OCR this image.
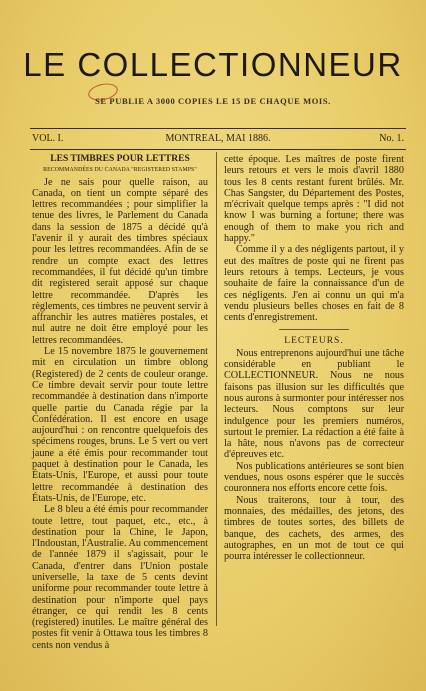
LE COLLECTIONNEUR
SE PUBLIE A 3000 COPIES LE 15 DE CHAQUE MOIS.
VOL. I.	MONTREAL, MAI 1886.	No. 1.

LES TIMBRES POUR LETTRES

RECOMMANDÉES DU CANADA "REGISTERED STAMPS"

Je ne sais pour quelle raison, au Canada, on tient un compte séparé des lettres recommandées ; pour simplifier la tenue des livres, le Parlement du Canada dans la session de 1875 a décidé qu'à l'avenir il y aurait des timbres spéciaux pour les lettres recommandées. Afin de se rendre un compte exact des lettres recommandées, il fut décidé qu'un timbre dit registered serait apposé sur chaque lettre recommandée. D'après les règlements, ces timbres ne peuvent servir à affranchir les autres matières postales, et nul autre ne doit être employé pour les lettres recommandées.

Le 15 novembre 1875 le gouvernement mit en circulation un timbre oblong (Registered) de 2 cents de couleur orange. Ce timbre devait servir pour toute lettre recommandée à destination dans n'importe quelle partie du Canada régie par la Confédération. Il est encore en usage aujourd'hui : on rencontre quelquefois des spécimens rouges, bruns. Le 5 vert ou vert jaune a été émis pour recommander tout paquet à destination pour le Canada, les États-Unis, l'Europe, et aussi pour toute lettre recommandée à destination des États-Unis, de l'Europe, etc.

Le 8 bleu a été émis pour recommander toute lettre, tout paquet, etc., etc., à destination pour la Chine, le Japon, l'Indoustan, l'Australie. Au commencement de l'année 1879 il s'agissait, pour le Canada, d'entrer dans l'Union postale universelle, la taxe de 5 cents devint uniforme pour recommander toute lettre à destination pour n'importe quel pays étranger, ce qui rendit les 8 cents (registered) inutiles. Le maître général des postes fit venir à Ottawa tous les timbres 8 cents non vendus à

cette époque. Les maîtres de poste firent leurs retours et vers le mois d'avril 1880 tous les 8 cents restant furent brûlés. Mr. Chas Sangster, du Département des Postes, m'écrivait quelque temps après : "I did not know I was burning a fortune; there was enough of them to make you rich and happy."

Comme il y a des négligents partout, il y eut des maîtres de poste qui ne firent pas leurs retours à temps. Lecteurs, je vous souhaite de faire la connaissance d'un de ces négligents. J'en ai connu un qui m'a vendu plusieurs belles choses en fait de 8 cents d'enregistrement.

LECTEURS.

Nous entreprenons aujourd'hui une tâche considérable en publiant le COLLECTIONNEUR. Nous ne nous faisons pas illusion sur les difficultés que nous aurons à surmonter pour intéresser nos lecteurs. Nous comptons sur leur indulgence pour les premiers numéros, surtout le premier. La rédaction a été faite à la hâte, nous n'avons pas de correcteur d'épreuves etc.

Nos publications antérieures se sont bien vendues, nous osons espérer que le succès couronnera nos efforts encore cette fois.

Nous traiterons, tour à tour, des monnaies, des médailles, des jetons, des timbres de toutes sortes, des billets de banque, des cachets, des armes, des autographes, en un mot de tout ce qui pourra intéresser le collectionneur.
